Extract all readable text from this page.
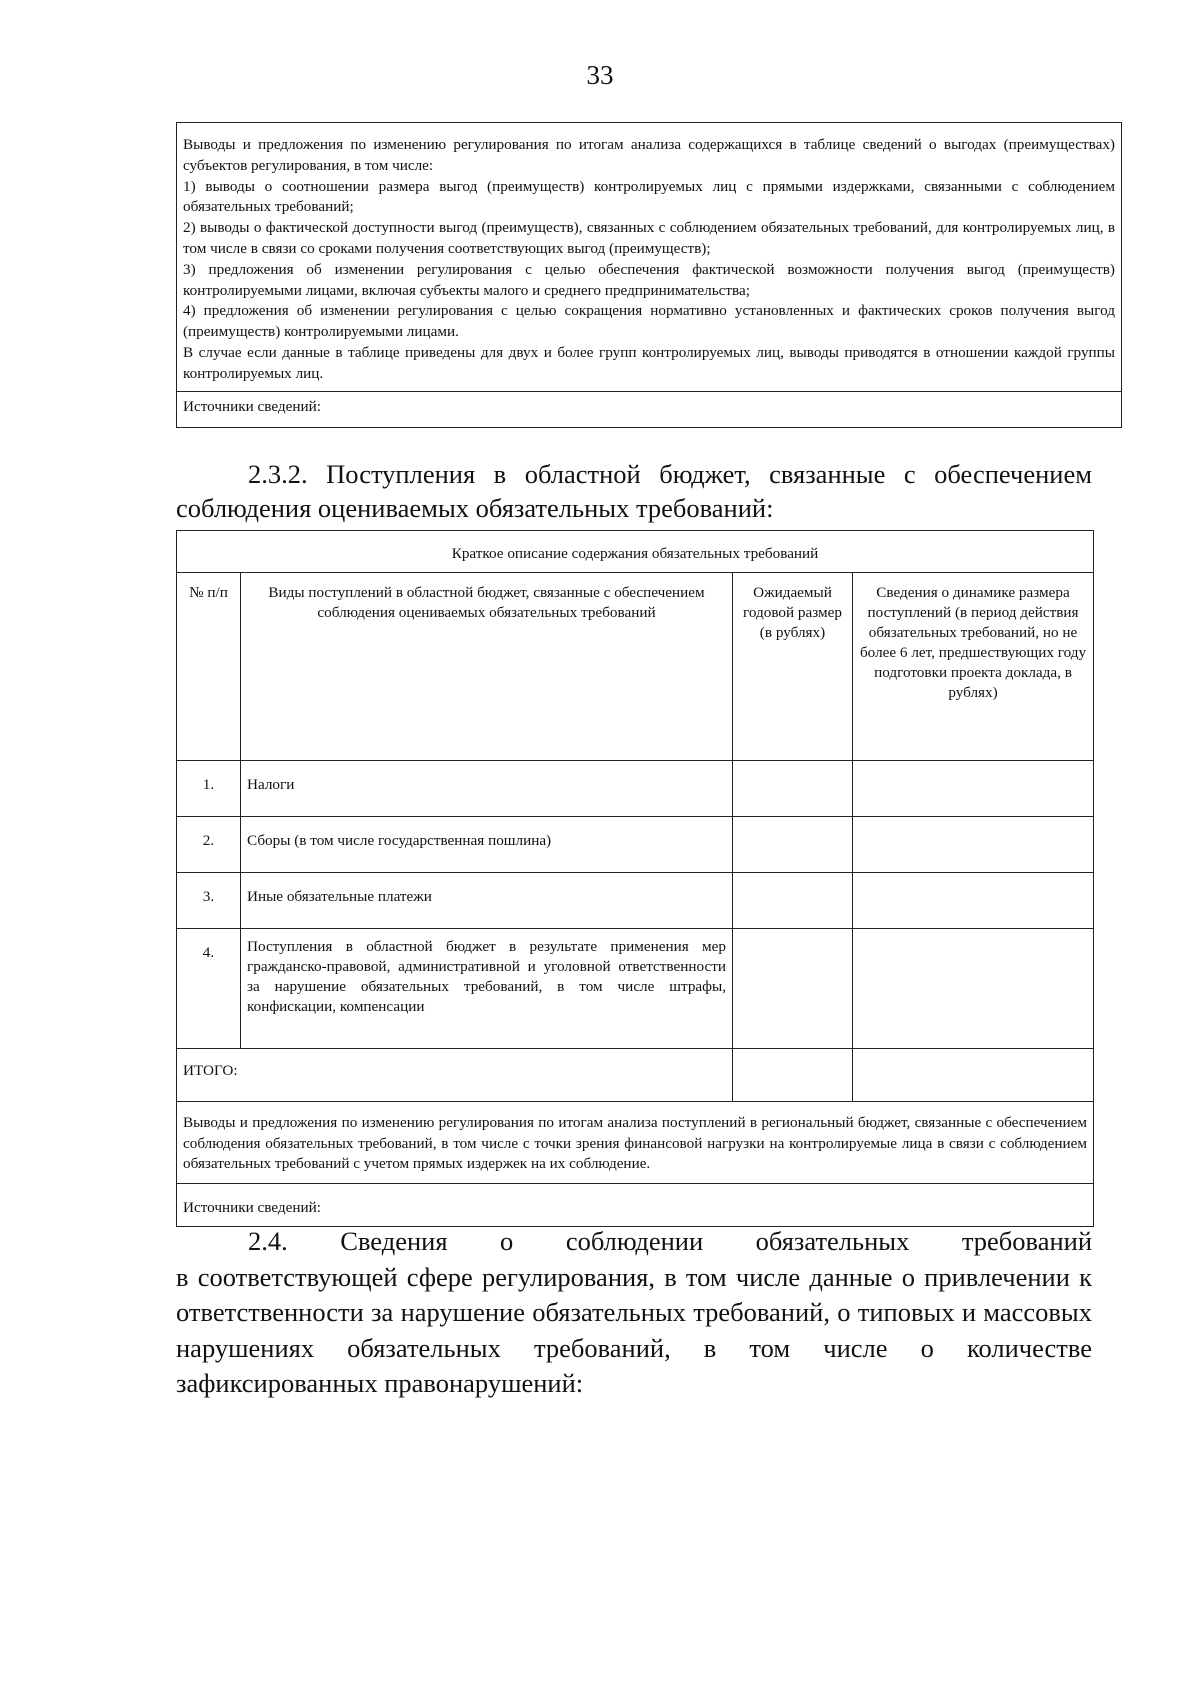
33

Выводы и предложения по изменению регулирования по итогам анализа содержащихся в таблице сведений о выгодах (преимуществах) субъектов регулирования, в том числе:

1) выводы о соотношении размера выгод (преимуществ) контролируемых лиц с прямыми издержками, связанными с соблюдением обязательных требований;

2) выводы о фактической доступности выгод (преимуществ), связанных с соблюдением обязательных требований, для контролируемых лиц, в том числе в связи со сроками получения соответствующих выгод (преимуществ);

3) предложения об изменении регулирования с целью обеспечения фактической возможности получения выгод (преимуществ) контролируемыми лицами, включая субъекты малого и среднего предпринимательства;

4) предложения об изменении регулирования с целью сокращения нормативно установленных и фактических сроков получения выгод (преимуществ) контролируемыми лицами.

В случае если данные в таблице приведены для двух и более групп контролируемых лиц, выводы приводятся в отношении каждой группы контролируемых лиц.

Источники сведений:
2.3.2. Поступления в областной бюджет, связанные с обеспечением соблюдения оцениваемых обязательных требований:
Краткое описание содержания обязательных требований			
№ п/п	Виды поступлений в областной бюджет, связанные с обеспечением соблюдения оцениваемых обязательных требований	Ожидаемый годовой размер (в рублях)	Сведения о динамике размера поступлений (в период действия обязательных требований, но не более 6 лет, предшествующих году подготовки проекта доклада, в рублях)
1.	Налоги		
2.	Сборы (в том числе государственная пошлина)		
3.	Иные обязательные платежи		
4.	Поступления в областной бюджет в результате применения мер гражданско-правовой, административной и уголовной ответственности за нарушение обязательных требований, в том числе штрафы, конфискации, компенсации		
ИТОГО:			
Выводы и предложения по изменению регулирования по итогам анализа поступлений в региональный бюджет, связанные с обеспечением соблюдения обязательных требований, в том числе с точки зрения финансовой нагрузки на контролируемые лица в связи с соблюдением обязательных требований с учетом прямых издержек на их соблюдение.			
Источники сведений:			

2.4. Сведения о соблюдении обязательных требований

в соответствующей сфере регулирования, в том числе данные о привлечении к ответственности за нарушение обязательных требований, о типовых и массовых нарушениях обязательных требований, в том числе о количестве зафиксированных правонарушений:
